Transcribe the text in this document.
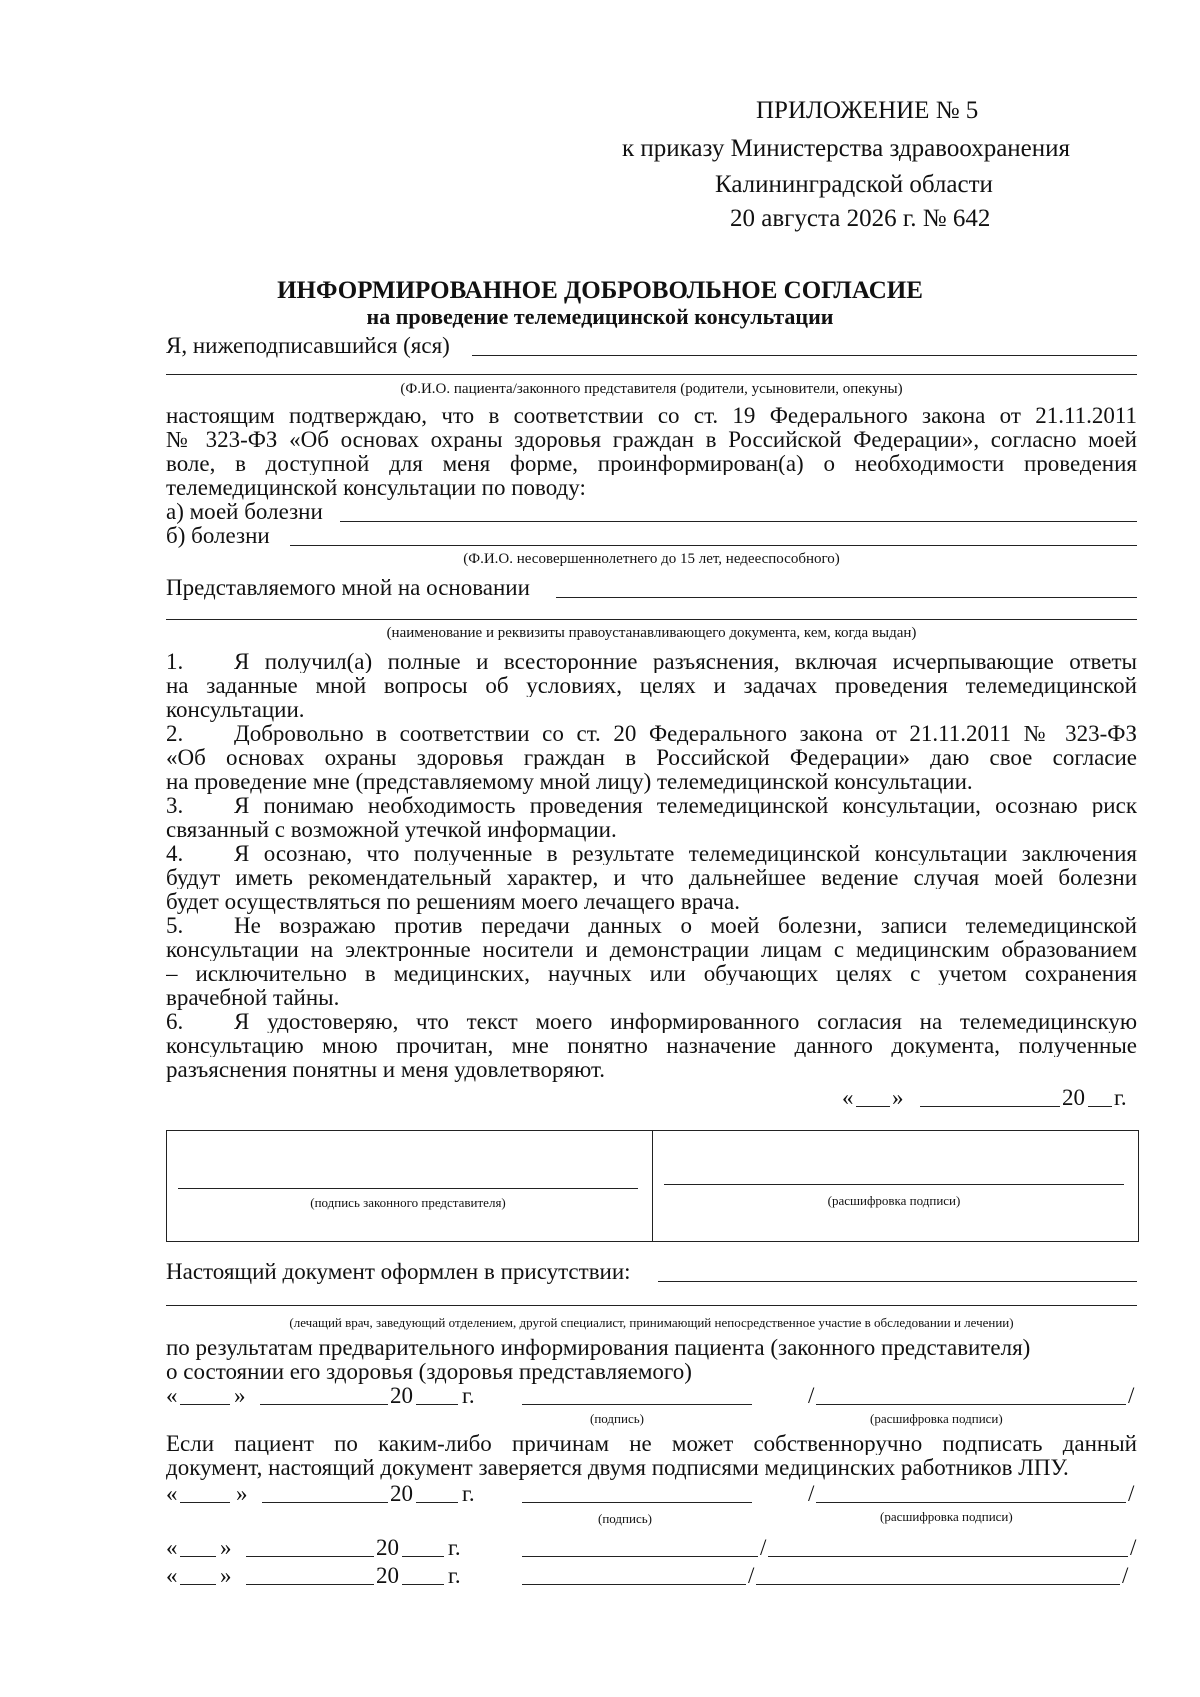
ПРИЛОЖЕНИЕ № 5
к приказу Министерства здравоохранения
Калининградской области
20 августа 2026 г. № 642
ИНФОРМИРОВАННОЕ ДОБРОВОЛЬНОЕ СОГЛАСИЕ
на проведение телемедицинской консультации
Я, нижеподписавшийся (яся)
(Ф.И.О. пациента/законного представителя (родители, усыновители, опекуны)
настоящим подтверждаю, что в соответствии со ст. 19 Федерального закона от 21.11.2011
№ 323-ФЗ «Об основах охраны здоровья граждан в Российской Федерации», согласно моей
воле, в доступной для меня форме, проинформирован(а) о необходимости проведения
телемедицинской консультации по поводу:
а) моей болезни
б) болезни
(Ф.И.О. несовершеннолетнего до 15 лет, недееспособного)
Представляемого мной на основании
(наименование и реквизиты правоустанавливающего документа, кем, когда выдан)
1. Я получил(а) полные и всесторонние разъяснения, включая исчерпывающие ответы
на заданные мной вопросы об условиях, целях и задачах проведения телемедицинской
консультации.
2. Добровольно в соответствии со ст. 20 Федерального закона от 21.11.2011 № 323-ФЗ
«Об основах охраны здоровья граждан в Российской Федерации» даю свое согласие
на проведение мне (представляемому мной лицу) телемедицинской консультации.
3. Я понимаю необходимость проведения телемедицинской консультации, осознаю риск
связанный с возможной утечкой информации.
4. Я осознаю, что полученные в результате телемедицинской консультации заключения
будут иметь рекомендательный характер, и что дальнейшее ведение случая моей болезни
будет осуществляться по решениям моего лечащего врача.
5. Не возражаю против передачи данных о моей болезни, записи телемедицинской
консультации на электронные носители и демонстрации лицам с медицинским образованием
– исключительно в медицинских, научных или обучающих целях с учетом сохранения
врачебной тайны.
6. Я удостоверяю, что текст моего информированного согласия на телемедицинскую
консультацию мною прочитан, мне понятно назначение данного документа, полученные
разъяснения понятны и меня удовлетворяют.
« »	20 г.
(подпись законного представителя)	(расшифровка подписи)
Настоящий документ оформлен в присутствии:
(лечащий врач, заведующий отделением, другой специалист, принимающий непосредственное участие в обследовании и лечении)
по результатам предварительного информирования пациента (законного представителя)
о состоянии его здоровья (здоровья представляемого)
« »	20 г.	/	/
(подпись)	(расшифровка подписи)
Если пациент по каким-либо причинам не может собственноручно подписать данный
документ, настоящий документ заверяется двумя подписями медицинских работников ЛПУ.
«	»	20 г.	/	/
(подпись)	(расшифровка подписи)
« »	20 г.	/	/
« »	20 г.	/	/
